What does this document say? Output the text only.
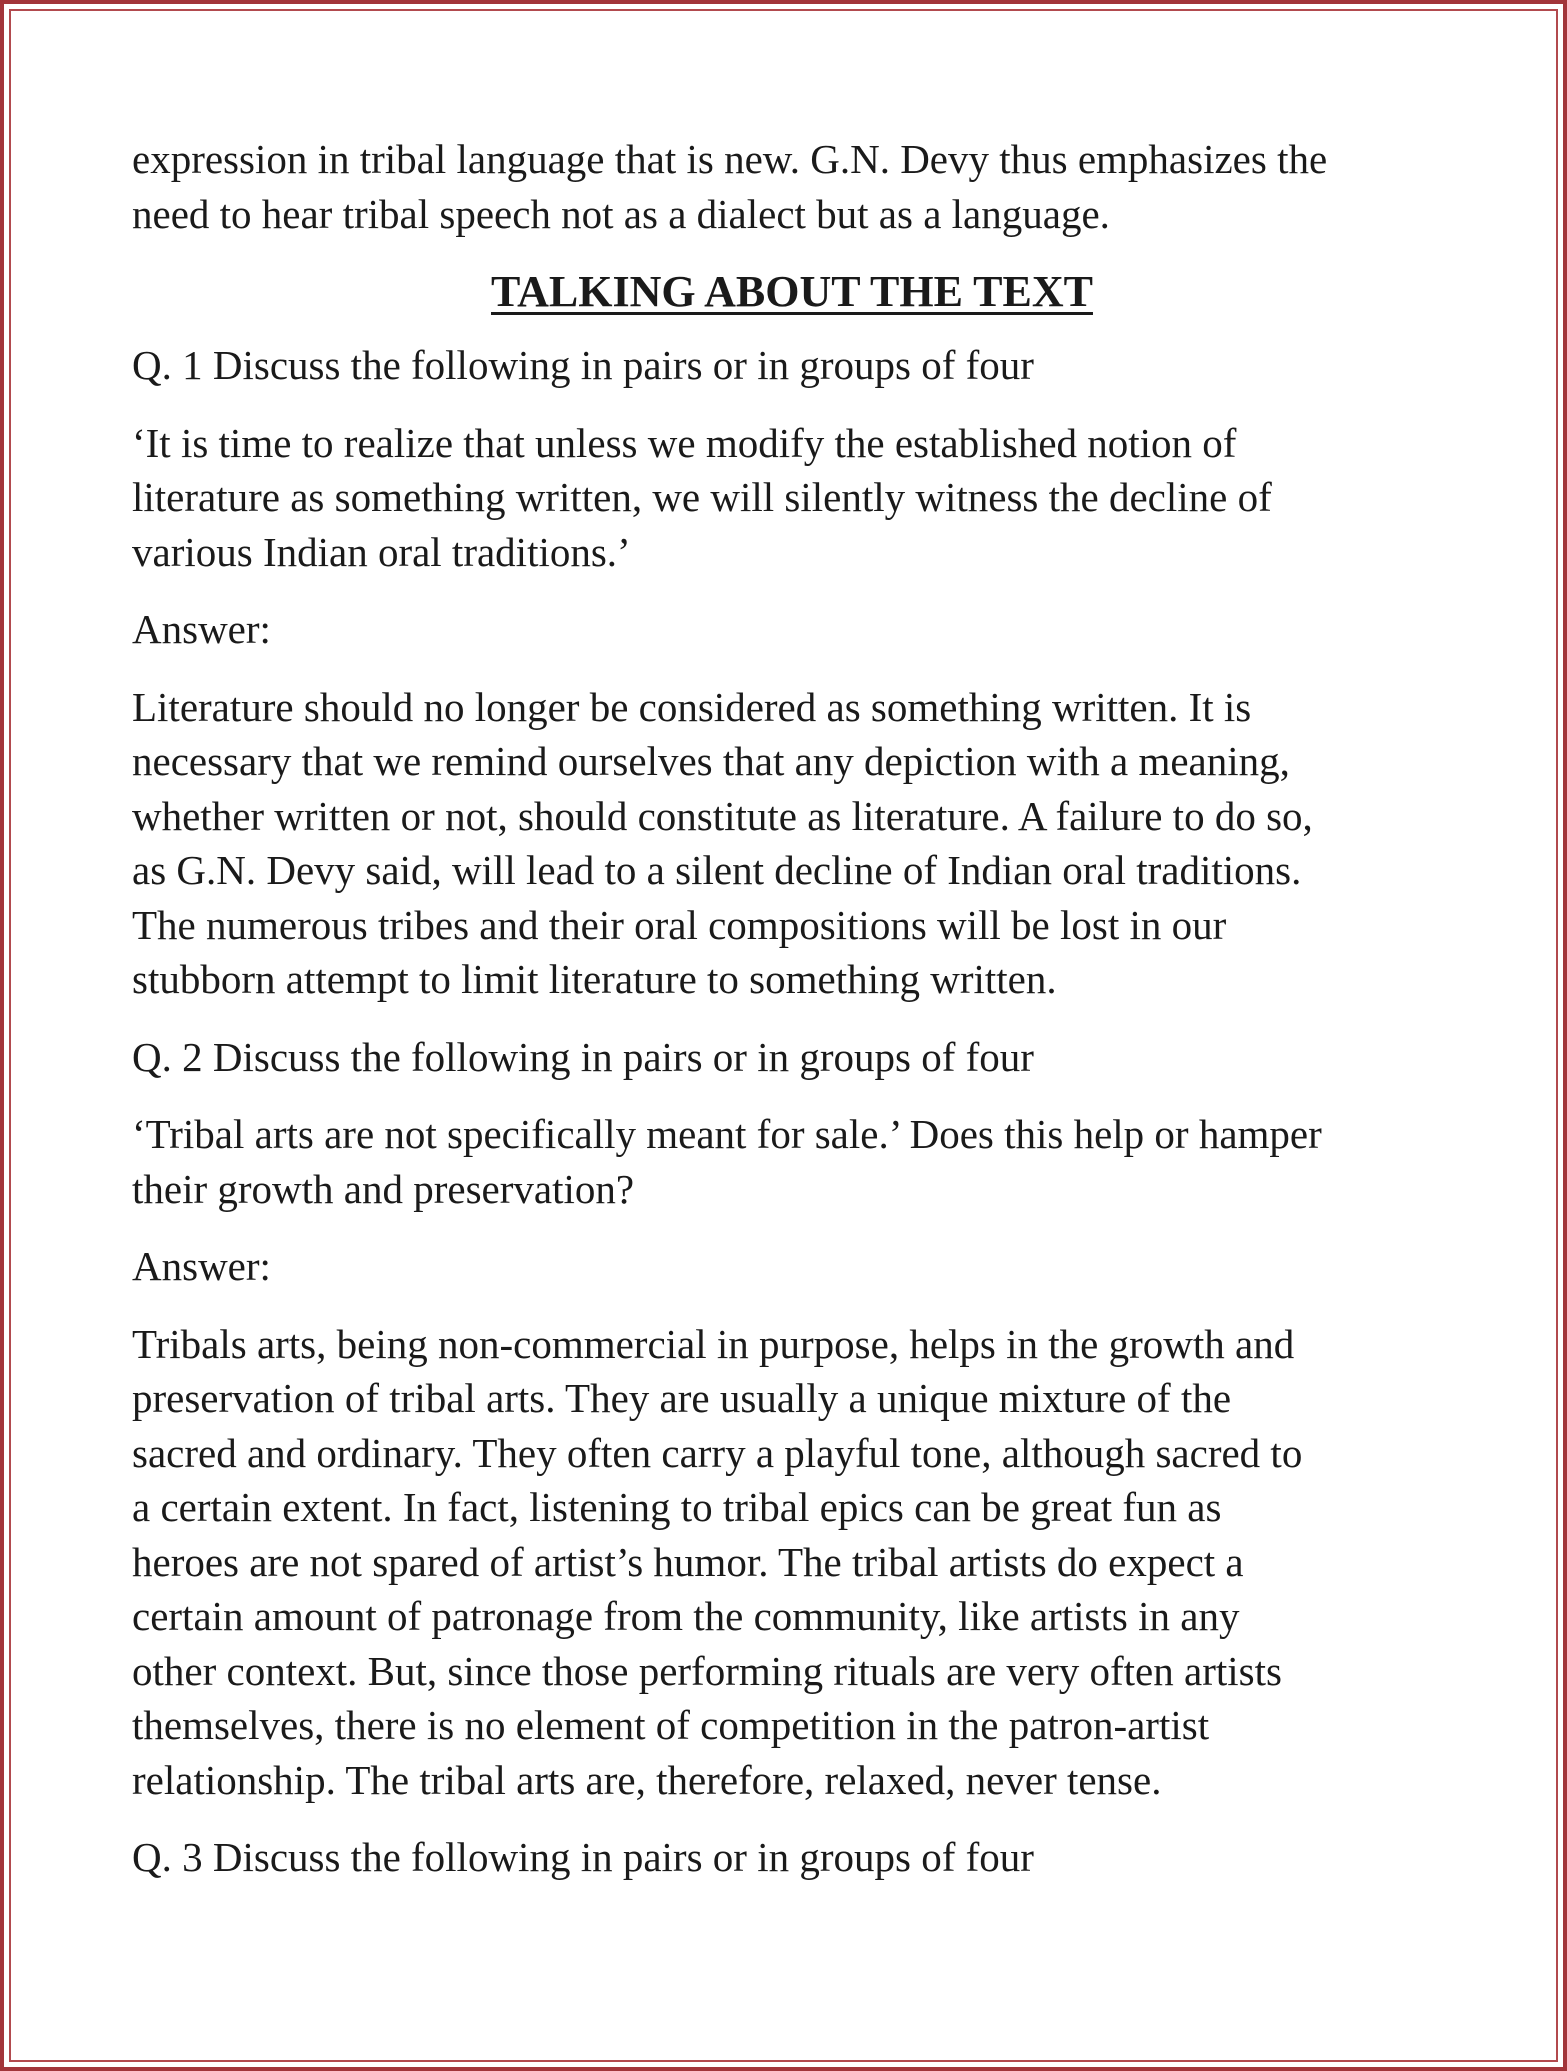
expression in tribal language that is new. G.N. Devy thus emphasizes the
need to hear tribal speech not as a dialect but as a language.
TALKING ABOUT THE TEXT
Q. 1 Discuss the following in pairs or in groups of four
‘It is time to realize that unless we modify the established notion of
literature as something written, we will silently witness the decline of
various Indian oral traditions.’
Answer:
Literature should no longer be considered as something written. It is
necessary that we remind ourselves that any depiction with a meaning,
whether written or not, should constitute as literature. A failure to do so,
as G.N. Devy said, will lead to a silent decline of Indian oral traditions.
The numerous tribes and their oral compositions will be lost in our
stubborn attempt to limit literature to something written.
Q. 2 Discuss the following in pairs or in groups of four
‘Tribal arts are not specifically meant for sale.’ Does this help or hamper
their growth and preservation?
Answer:
Tribals arts, being non-commercial in purpose, helps in the growth and
preservation of tribal arts. They are usually a unique mixture of the
sacred and ordinary. They often carry a playful tone, although sacred to
a certain extent. In fact, listening to tribal epics can be great fun as
heroes are not spared of artist’s humor. The tribal artists do expect a
certain amount of patronage from the community, like artists in any
other context. But, since those performing rituals are very often artists
themselves, there is no element of competition in the patron-artist
relationship. The tribal arts are, therefore, relaxed, never tense.
Q. 3 Discuss the following in pairs or in groups of four
